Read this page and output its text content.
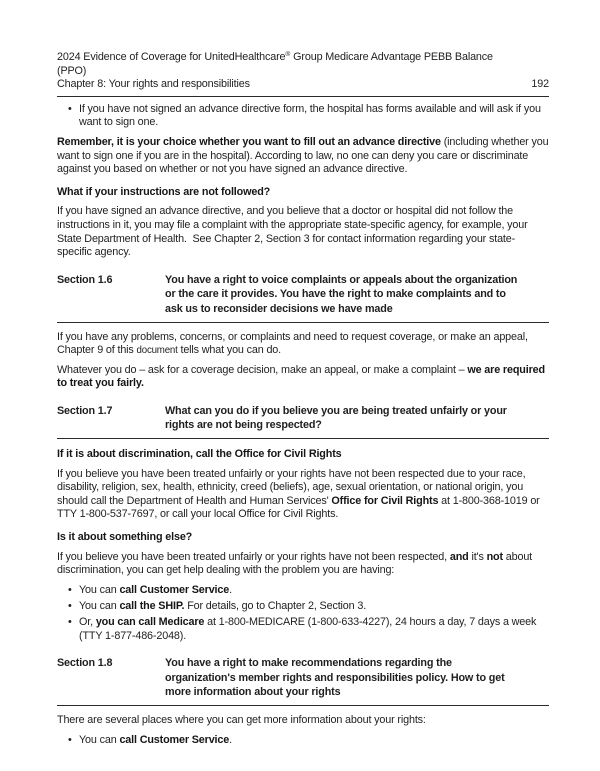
2024 Evidence of Coverage for UnitedHealthcare® Group Medicare Advantage PEBB Balance
(PPO)
Chapter 8: Your rights and responsibilities	192
• If you have not signed an advance directive form, the hospital has forms available and will ask if you want to sign one.

Remember, it is your choice whether you want to fill out an advance directive (including whether you want to sign one if you are in the hospital). According to law, no one can deny you care or discriminate against you based on whether or not you have signed an advance directive.

What if your instructions are not followed?

If you have signed an advance directive, and you believe that a doctor or hospital did not follow the instructions in it, you may file a complaint with the appropriate state-specific agency, for example, your State Department of Health.  See Chapter 2, Section 3 for contact information regarding your state-specific agency.

Section 1.6	You have a right to voice complaints or appeals about the organization
or the care it provides. You have the right to make complaints and to
ask us to reconsider decisions we have made

If you have any problems, concerns, or complaints and need to request coverage, or make an appeal, Chapter 9 of this document tells what you can do.

Whatever you do – ask for a coverage decision, make an appeal, or make a complaint – we are required to treat you fairly.

Section 1.7	What can you do if you believe you are being treated unfairly or your
rights are not being respected?
If it is about discrimination, call the Office for Civil Rights

If you believe you have been treated unfairly or your rights have not been respected due to your race, disability, religion, sex, health, ethnicity, creed (beliefs), age, sexual orientation, or national origin, you should call the Department of Health and Human Services' Office for Civil Rights at 1-800-368-1019 or TTY 1-800-537-7697, or call your local Office for Civil Rights.

Is it about something else?

If you believe you have been treated unfairly or your rights have not been respected, and it's not about discrimination, you can get help dealing with the problem you are having:

• You can call Customer Service.
• You can call the SHIP. For details, go to Chapter 2, Section 3.
• Or, you can call Medicare at 1-800-MEDICARE (1-800-633-4227), 24 hours a day, 7 days a week (TTY 1-877-486-2048).
Section 1.8	You have a right to make recommendations regarding the
organization's member rights and responsibilities policy. How to get
more information about your rights

There are several places where you can get more information about your rights:

• You can call Customer Service.
